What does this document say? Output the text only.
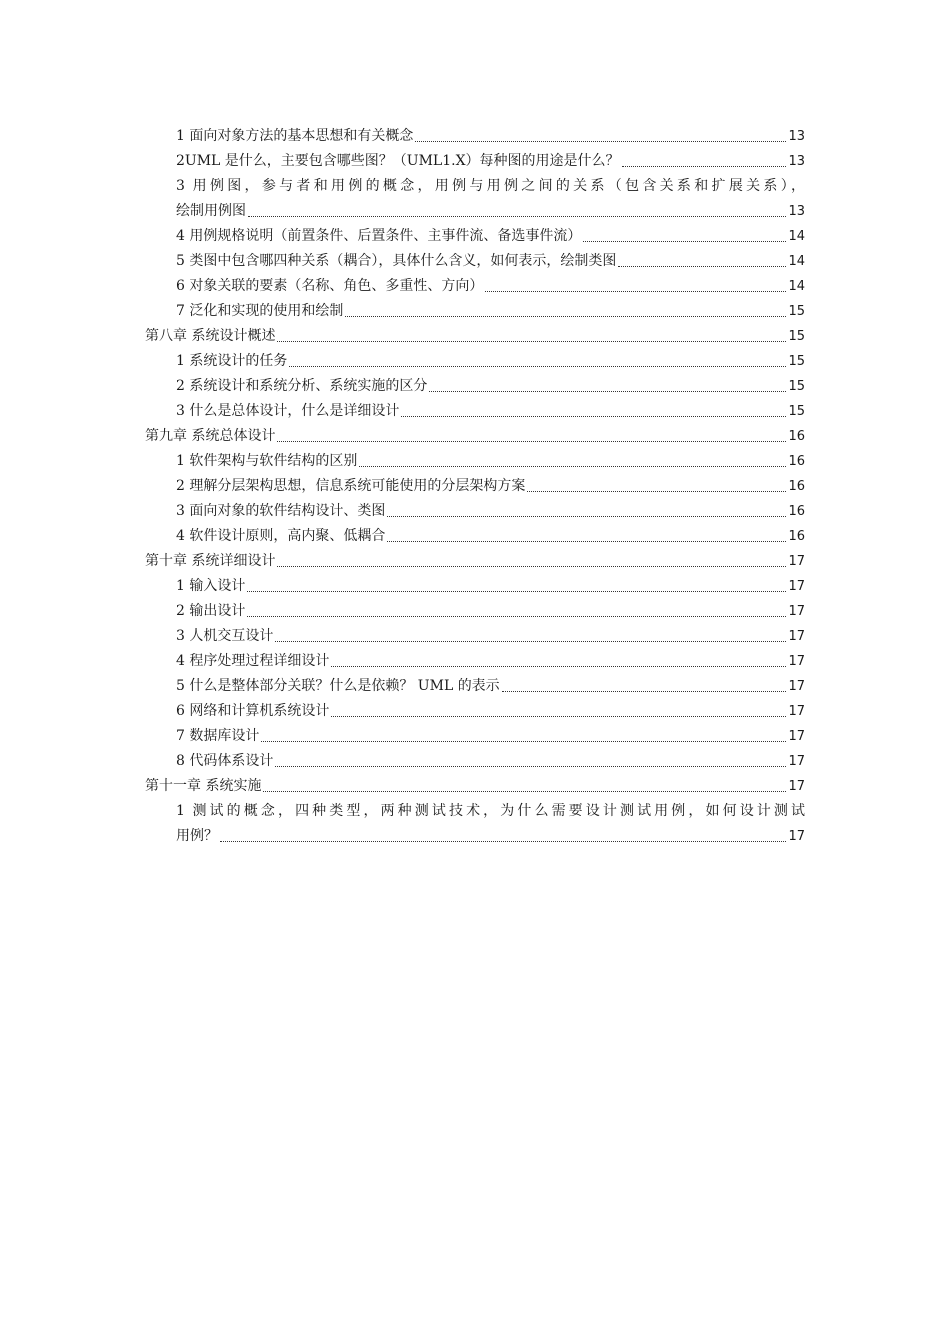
1 面向对象方法的基本思想和有关概念	13
2UML 是什么，主要包含哪些图？（UML1.X）每种图的用途是什么？	13
3 用例图，参与者和用例的概念，用例与用例之间的关系（包含关系和扩展关系），
绘制用例图	13
4 用例规格说明（前置条件、后置条件、主事件流、备选事件流）	14
5 类图中包含哪四种关系（耦合），具体什么含义，如何表示，绘制类图	14
6 对象关联的要素（名称、角色、多重性、方向）	14
7 泛化和实现的使用和绘制	15
第八章 系统设计概述	15
1 系统设计的任务	15
2 系统设计和系统分析、系统实施的区分	15
3 什么是总体设计，什么是详细设计	15
第九章 系统总体设计	16
1 软件架构与软件结构的区别	16
2 理解分层架构思想，信息系统可能使用的分层架构方案	16
3 面向对象的软件结构设计、类图	16
4 软件设计原则，高内聚、低耦合	16
第十章 系统详细设计	17
1 输入设计	17
2 输出设计	17
3 人机交互设计	17
4 程序处理过程详细设计	17
5 什么是整体部分关联？什么是依赖？ UML 的表示	17
6 网络和计算机系统设计	17
7 数据库设计	17
8 代码体系设计	17
第十一章 系统实施	17
1 测试的概念，四种类型，两种测试技术，为什么需要设计测试用例，如何设计测试
用例？	17
